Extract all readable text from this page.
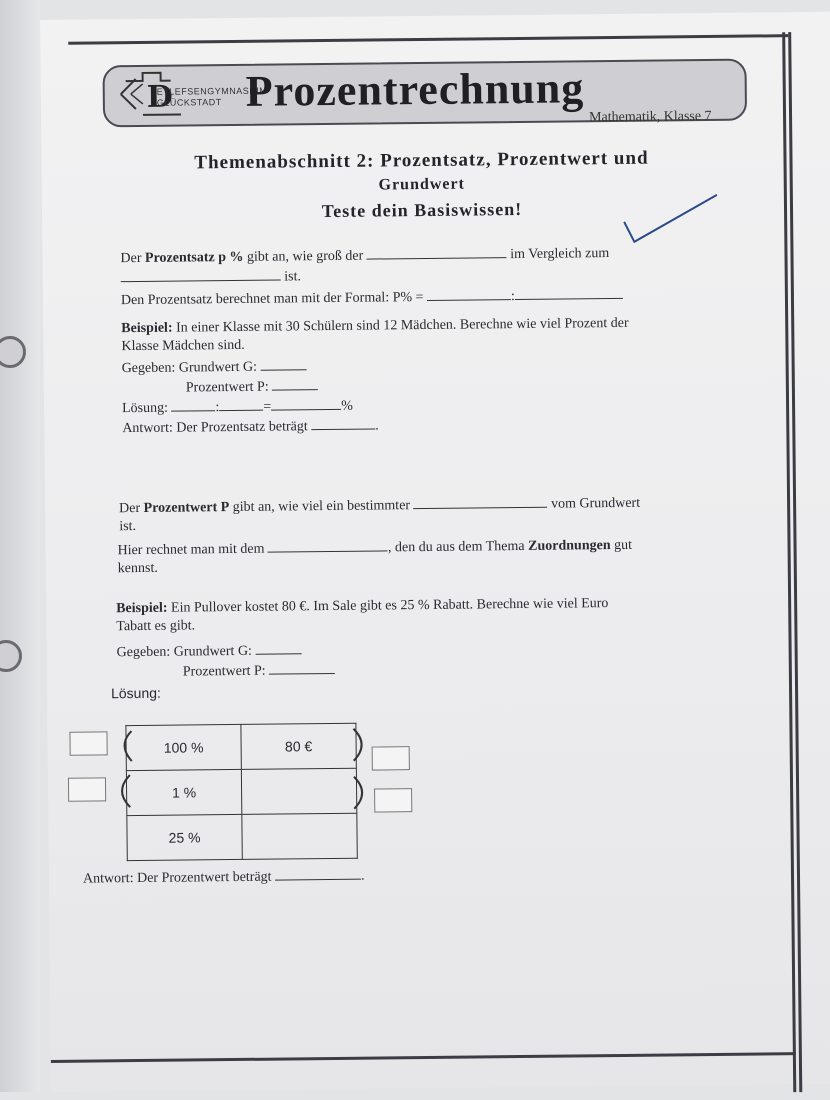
D
ETLEFSENGYMNASIUM
GLÜCKSTADT Prozentrechnung
Mathematik, Klasse 7
Themenabschnitt 2: Prozentsatz, Prozentwert und
Grundwert
Teste dein Basiswissen!
Der Prozentsatz p % gibt an, wie groß der	im Vergleich zum
ist.
Den Prozentsatz berechnet man mit der Formal: P% =	:
Beispiel: In einer Klasse mit 30 Schülern sind 12 Mädchen. Berechne wie viel Prozent der
Klasse Mädchen sind.
Gegeben: Grundwert G:
Prozentwert P:
Lösung:	:	=	%
Antwort: Der Prozentsatz beträgt	.
Der Prozentwert P gibt an, wie viel ein bestimmter	vom Grundwert
ist.
Hier rechnet man mit dem	, den du aus dem Thema Zuordnungen gut
kennst.
Beispiel: Ein Pullover kostet 80 €. Im Sale gibt es 25 % Rabatt. Berechne wie viel Euro
Tabatt es gibt.
Gegeben: Grundwert G:
Prozentwert P:
Lösung:
100 %	80 €
1 %	
25 %	
Antwort: Der Prozentwert beträgt	.
